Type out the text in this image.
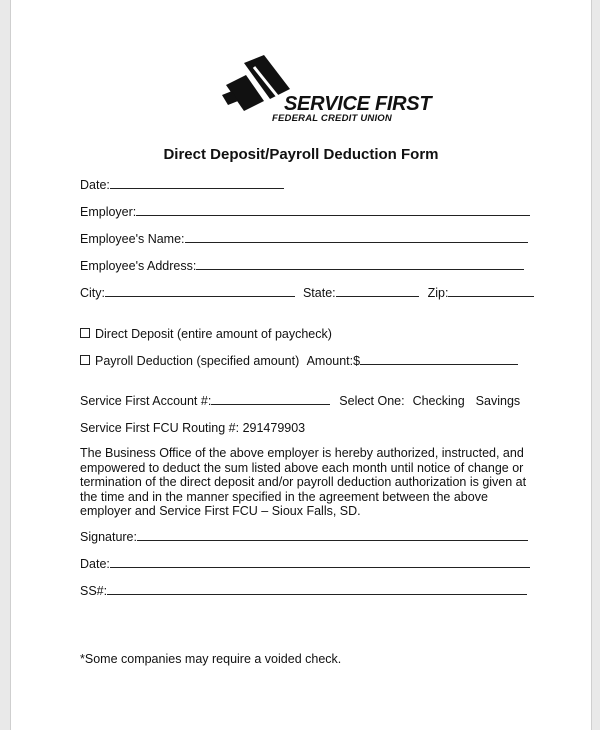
SERVICE FIRST
FEDERAL CREDIT UNION
Direct Deposit/Payroll Deduction Form
Date:
Employer:
Employee's Name:
Employee's Address:
City:	State:	Zip:
Direct Deposit (entire amount of paycheck)
Payroll Deduction (specified amount) Amount:$
Service First Account #:	Select One: Checking Savings
Service First FCU Routing #: 291479903
The Business Office of the above employer is hereby authorized, instructed, and empowered to deduct the sum listed above each month until notice of change or termination of the direct deposit and/or payroll deduction authorization is given at the time and in the manner specified in the agreement between the above employer and Service First FCU – Sioux Falls, SD.
Signature:
Date:
SS#:
*Some companies may require a voided check.
